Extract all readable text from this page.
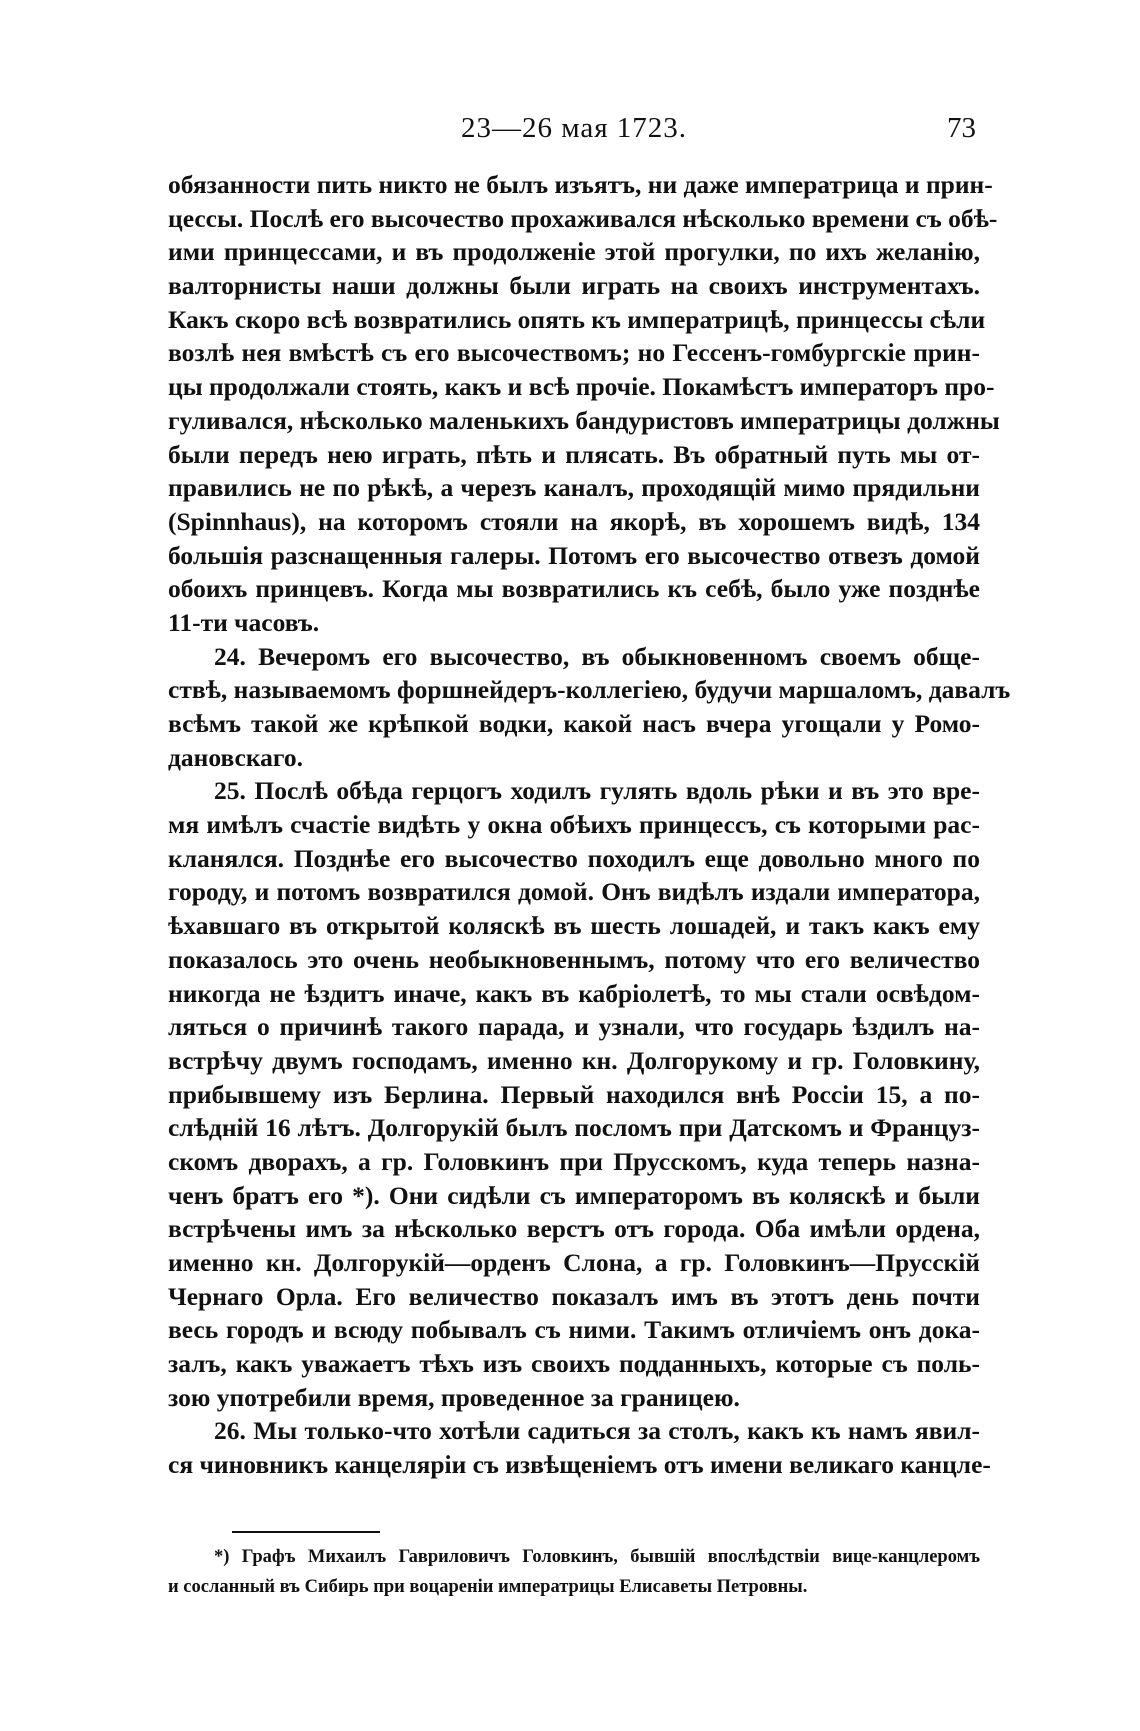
23—26 мая 1723.	73
обязанности пить никто не былъ изъятъ, ни даже императрица и прин-
цессы. Послѣ его высочество прохаживался нѣсколько времени съ обѣ-
ими принцессами, и въ продолженіе этой прогулки, по ихъ желанію,
валторнисты наши должны были играть на своихъ инструментахъ.
Какъ скоро всѣ возвратились опять къ императрицѣ, принцессы сѣли
возлѣ нея вмѣстѣ съ его высочествомъ; но Гессенъ-гомбургскіе прин-
цы продолжали стоять, какъ и всѣ прочіе. Покамѣстъ императоръ про-
гуливался, нѣсколько маленькихъ бандуристовъ императрицы должны
были передъ нею играть, пѣть и плясать. Въ обратный путь мы от-
правились не по рѣкѣ, а черезъ каналъ, проходящій мимо прядильни
(Spinnhaus), на которомъ стояли на якорѣ, въ хорошемъ видѣ, 134
большія разснащенныя галеры. Потомъ его высочество отвезъ домой
обоихъ принцевъ. Когда мы возвратились къ себѣ, было уже позднѣе
11-ти часовъ.
24. Вечеромъ его высочество, въ обыкновенномъ своемъ обще-
ствѣ, называемомъ форшнейдеръ-коллегіею, будучи маршаломъ, давалъ
всѣмъ такой же крѣпкой водки, какой насъ вчера угощали у Ромо-
дановскаго.
25. Послѣ обѣда герцогъ ходилъ гулять вдоль рѣки и въ это вре-
мя имѣлъ счастіе видѣть у окна обѣихъ принцессъ, съ которыми рас-
кланялся. Позднѣе его высочество походилъ еще довольно много по
городу, и потомъ возвратился домой. Онъ видѣлъ издали императора,
ѣхавшаго въ открытой коляскѣ въ шесть лошадей, и такъ какъ ему
показалось это очень необыкновеннымъ, потому что его величество
никогда не ѣздитъ иначе, какъ въ кабріолетѣ, то мы стали освѣдом-
ляться о причинѣ такого парада, и узнали, что государь ѣздилъ на-
встрѣчу двумъ господамъ, именно кн. Долгорукому и гр. Головкину,
прибывшему изъ Берлина. Первый находился внѣ Россіи 15, а по-
слѣдній 16 лѣтъ. Долгорукій былъ посломъ при Датскомъ и Француз-
скомъ дворахъ, а гр. Головкинъ при Прусскомъ, куда теперь назна-
ченъ братъ его *). Они сидѣли съ императоромъ въ коляскѣ и были
встрѣчены имъ за нѣсколько верстъ отъ города. Оба имѣли ордена,
именно кн. Долгорукій—орденъ Слона, а гр. Головкинъ—Прусскій
Чернаго Орла. Его величество показалъ имъ въ этотъ день почти
весь городъ и всюду побывалъ съ ними. Такимъ отличіемъ онъ дока-
залъ, какъ уважаетъ тѣхъ изъ своихъ подданныхъ, которые съ поль-
зою употребили время, проведенное за границею.
26. Мы только-что хотѣли садиться за столъ, какъ къ намъ явил-
ся чиновникъ канцеляріи съ извѣщеніемъ отъ имени великаго канцле-
*) Графъ Михаилъ Гавриловичъ Головкинъ, бывшій впослѣдствіи вице-канцлеромъ
и сосланный въ Сибирь при воцареніи императрицы Елисаветы Петровны.
